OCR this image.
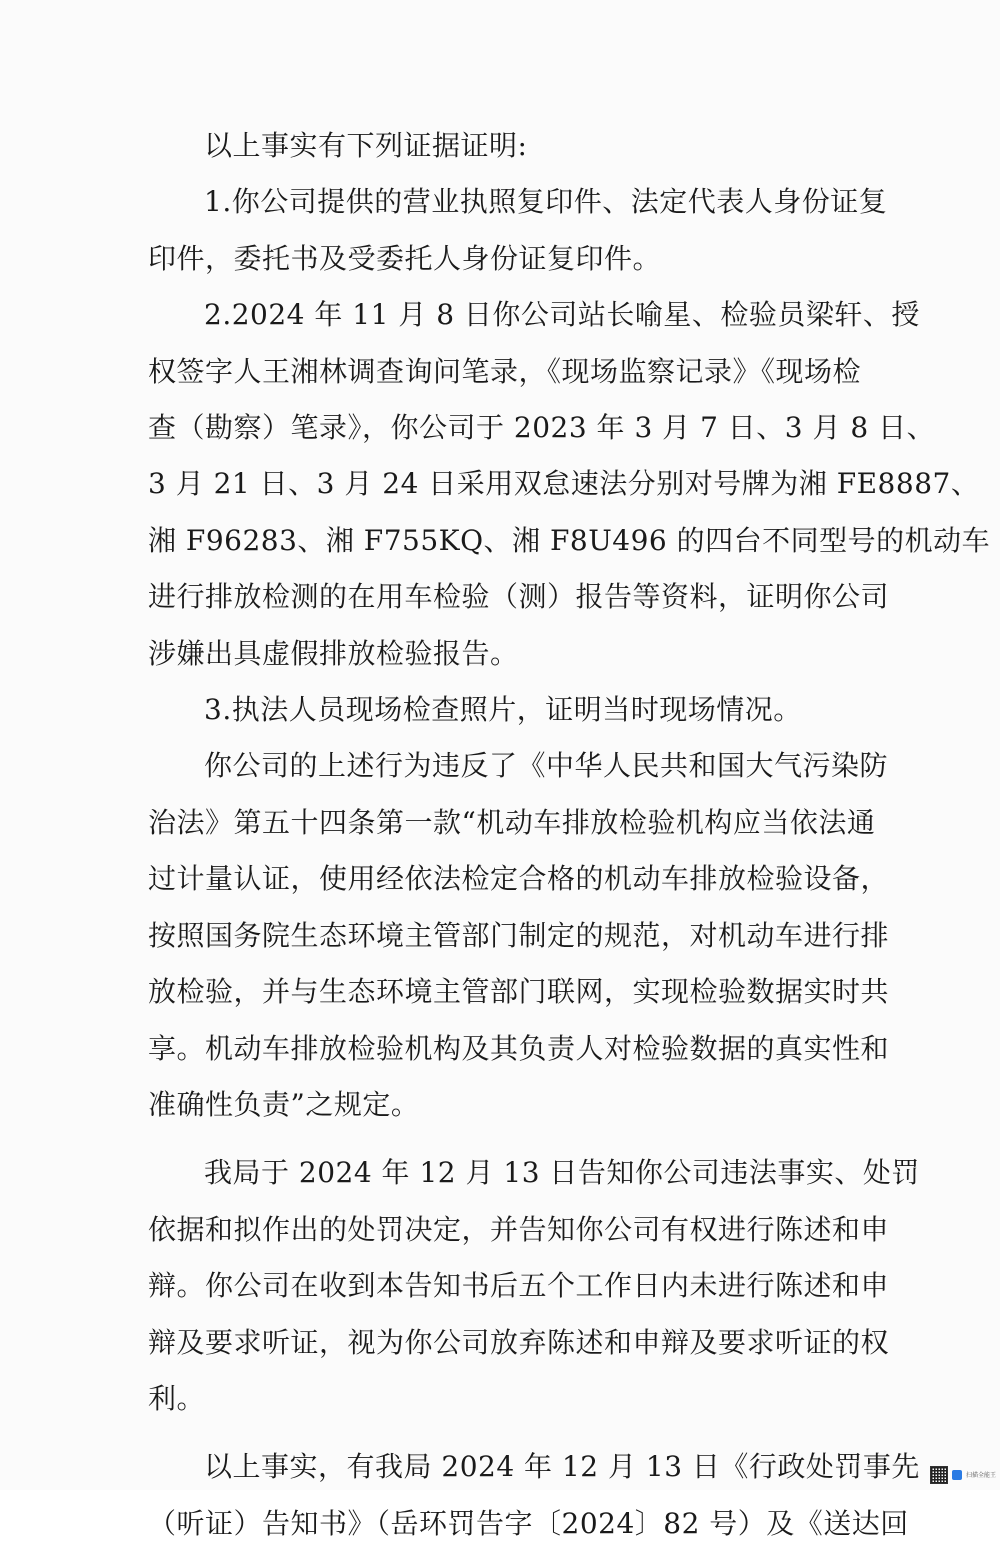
以上事实有下列证据证明:
1.你公司提供的营业执照复印件、法定代表人身份证复
印件，委托书及受委托人身份证复印件。
2.2024 年 11 月 8 日你公司站长喻星、检验员梁轩、授
权签字人王湘林调查询问笔录，《现场监察记录》《现场检
查（勘察）笔录》，你公司于 2023 年 3 月 7 日、3 月 8 日、
3 月 21 日、3 月 24 日采用双怠速法分别对号牌为湘 FE8887、
湘 F96283、湘 F755KQ、湘 F8U496 的四台不同型号的机动车
进行排放检测的在用车检验（测）报告等资料，证明你公司
涉嫌出具虚假排放检验报告。
3.执法人员现场检查照片，证明当时现场情况。
你公司的上述行为违反了《中华人民共和国大气污染防
治法》第五十四条第一款“机动车排放检验机构应当依法通
过计量认证，使用经依法检定合格的机动车排放检验设备，
按照国务院生态环境主管部门制定的规范，对机动车进行排
放检验，并与生态环境主管部门联网，实现检验数据实时共
享。机动车排放检验机构及其负责人对检验数据的真实性和
准确性负责”之规定。
我局于 2024 年 12 月 13 日告知你公司违法事实、处罚
依据和拟作出的处罚决定，并告知你公司有权进行陈述和申
辩。你公司在收到本告知书后五个工作日内未进行陈述和申
辩及要求听证，视为你公司放弃陈述和申辩及要求听证的权
利。
以上事实，有我局 2024 年 12 月 13 日《行政处罚事先
（听证）告知书》（岳环罚告字〔2024〕82 号）及《送达回
扫描全能王
